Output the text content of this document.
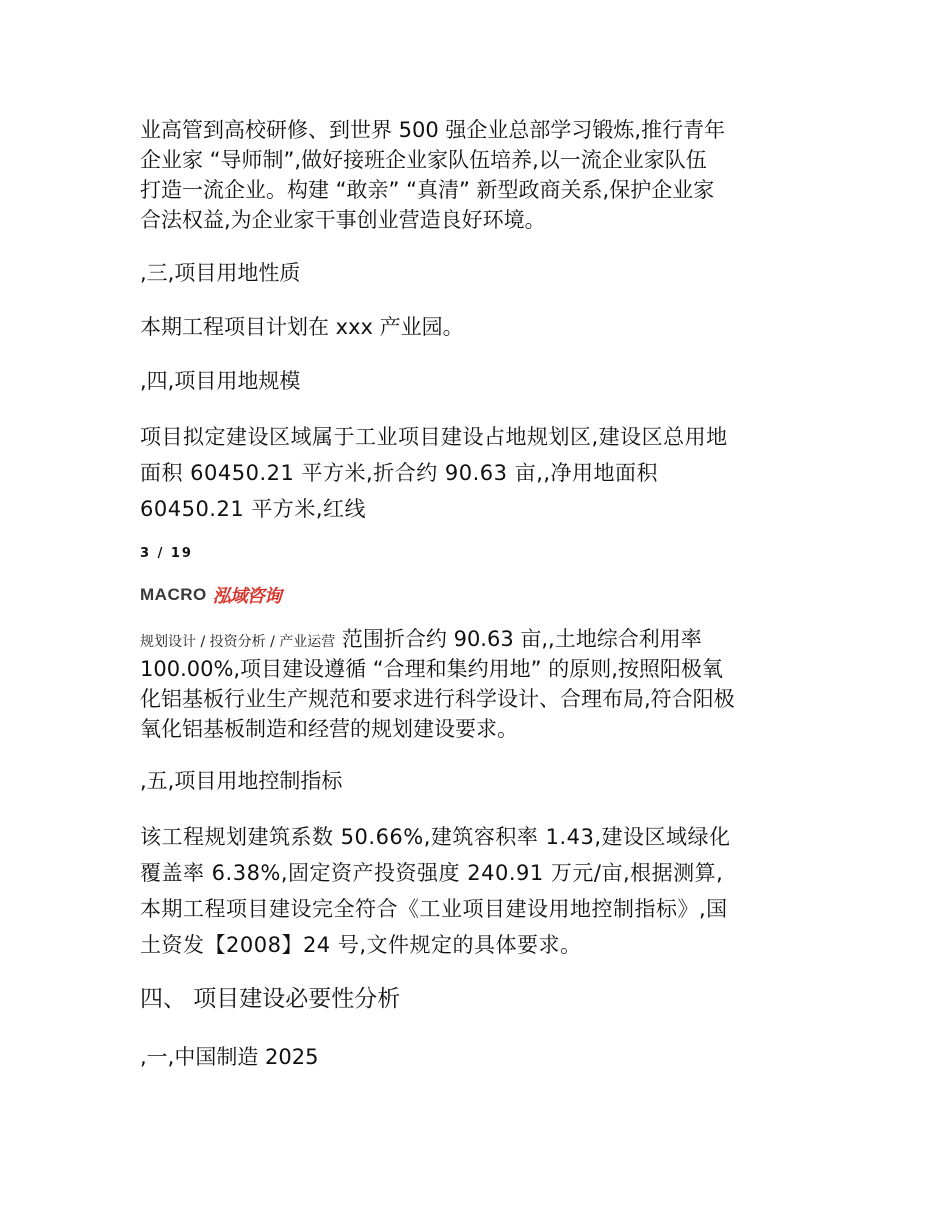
业高管到高校研修、到世界 500 强企业总部学习锻炼,推行青年

企业家 “导师制”,做好接班企业家队伍培养,以一流企业家队伍

打造一流企业。构建 “敢亲” “真清” 新型政商关系,保护企业家

合法权益,为企业家干事创业营造良好环境。

,三,项目用地性质

本期工程项目计划在 xxx 产业园。

,四,项目用地规模

项目拟定建设区域属于工业项目建设占地规划区,建设区总用地

面积 60450.21 平方米,折合约 90.63 亩,,净用地面积

60450.21 平方米,红线

3 / 19
MACRO 泓域咨询

规划设计 / 投资分析 / 产业运营 范围折合约 90.63 亩,,土地综合利用率

100.00%,项目建设遵循 “合理和集约用地” 的原则,按照阳极氧

化铝基板行业生产规范和要求进行科学设计、合理布局,符合阳极

氧化铝基板制造和经营的规划建设要求。

,五,项目用地控制指标

该工程规划建筑系数 50.66%,建筑容积率 1.43,建设区域绿化

覆盖率 6.38%,固定资产投资强度 240.91 万元/亩,根据测算,

本期工程项目建设完全符合《工业项目建设用地控制指标》,国

土资发【2008】24 号,文件规定的具体要求。

四、 项目建设必要性分析

,一,中国制造 2025
